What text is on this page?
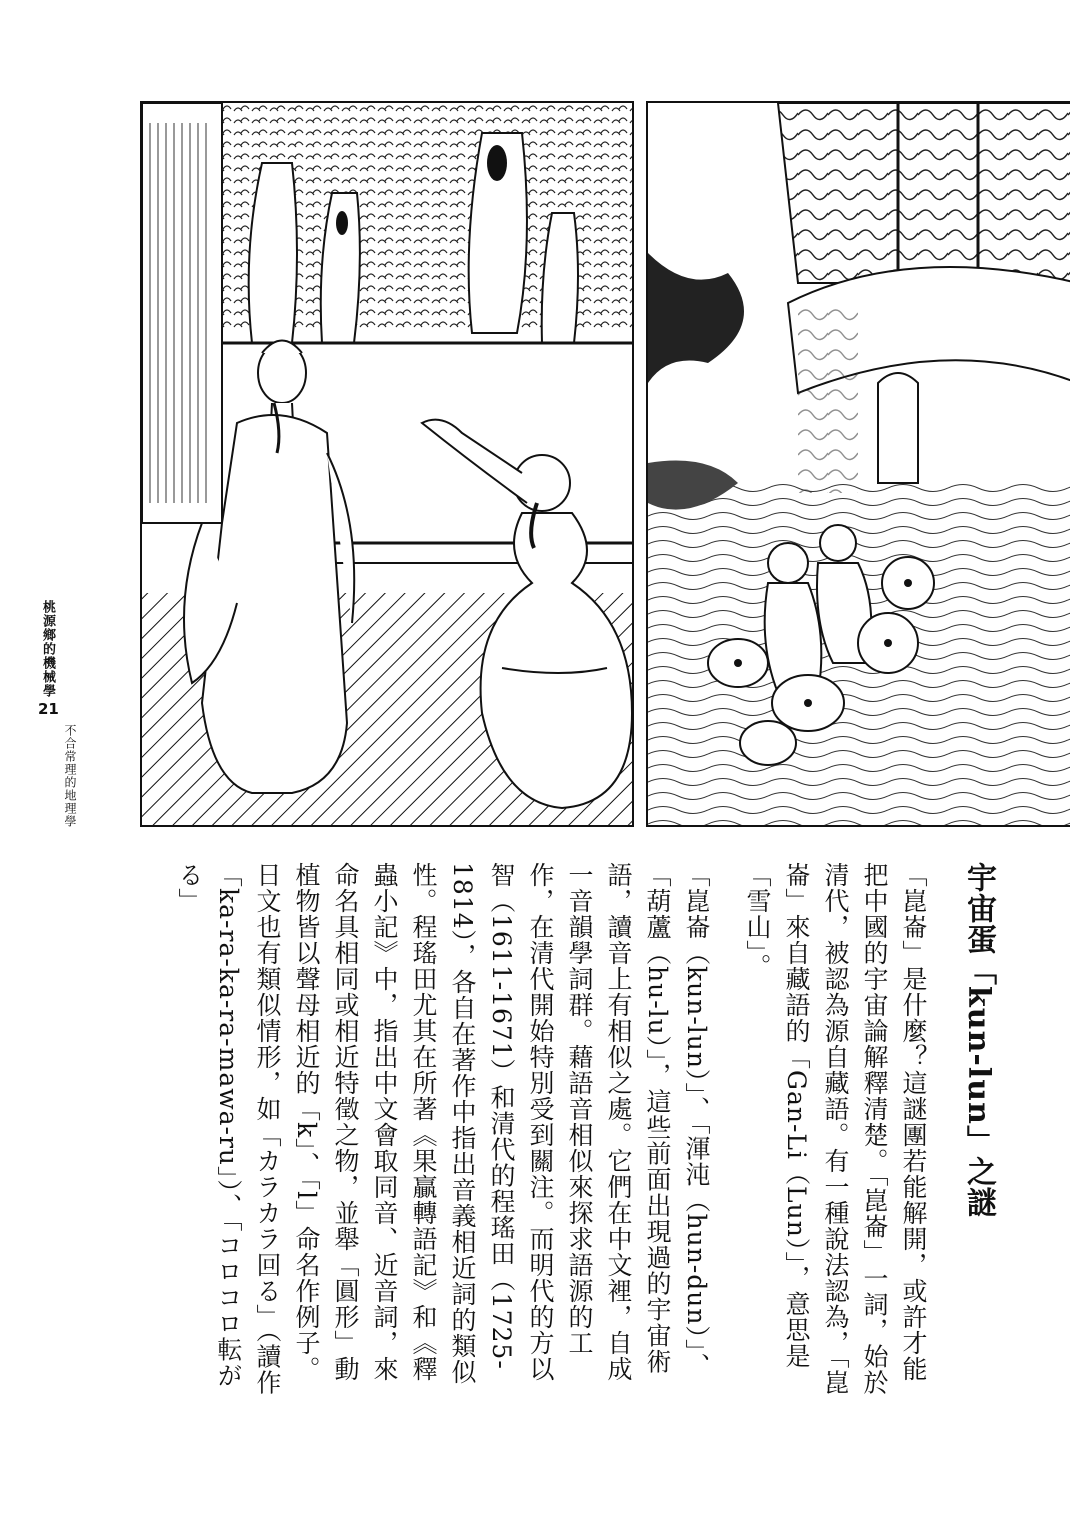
桃源鄉的機械學
21
不合常理的地理學
宇宙蛋「kun-lun」之謎
「崑崙」是什麼？這謎團若能解開，或許才能把中國的宇宙論解釋清楚。「崑崙」一詞，始於清代，被認為源自藏語。有一種說法認為，「崑崙」來自藏語的「Gan-Li（Lun）」，意思是「雪山」。
「崑崙（kun-lun）」、「渾沌（hun-dun）」、「葫蘆（hu-lu）」，這些前面出現過的宇宙術語，讀音上有相似之處。它們在中文裡，自成一音韻學詞群。藉語音相似來探求語源的工作，在清代開始特別受到關注。而明代的方以智（1611-1671）和清代的程瑤田（1725-1814），各自在著作中指出音義相近詞的類似性。程瑤田尤其在所著《果贏轉語記》和《釋蟲小記》中，指出中文會取同音、近音詞，來命名具相同或相近特徵之物，並舉「圓形」動植物皆以聲母相近的「k」、「l」命名作例子。日文也有類似情形，如「カラカラ回る」（讀作「ka-ra-ka-ra-mawa-ru」）、「コロコロ転がる」
